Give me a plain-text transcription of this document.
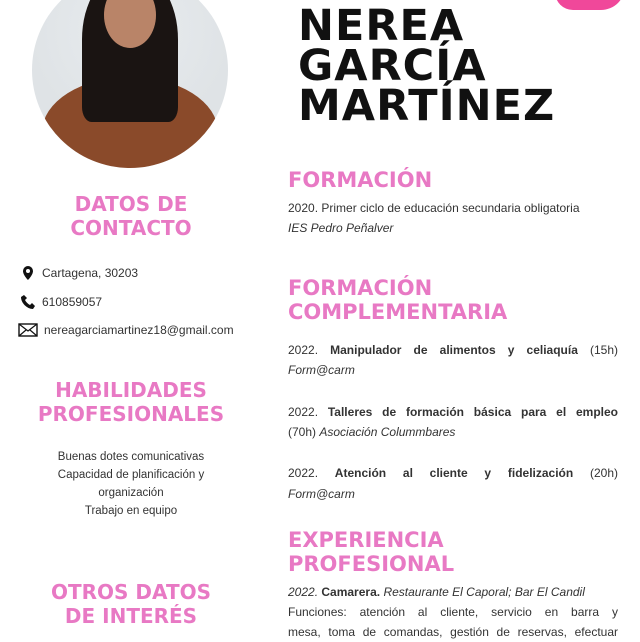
NEREA
GARCÍA
MARTÍNEZ
DATOS DE
CONTACTO
Cartagena, 30203
610859057
nereagarciamartinez18@gmail.com
HABILIDADES
PROFESIONALES
Buenas dotes comunicativas
Capacidad de planificación y
organización
Trabajo en equipo
OTROS DATOS
DE INTERÉS
FORMACIÓN
2020. Primer ciclo de educación secundaria obligatoria
IES Pedro Peñalver
FORMACIÓN
COMPLEMENTARIA
2022. Manipulador de alimentos y celiaquía (15h)
Form@carm
2022. Talleres de formación básica para el empleo
(70h) Asociación Colummbares
2022. Atención al cliente y fidelización (20h)
Form@carm
EXPERIENCIA
PROFESIONAL
2022. Camarera. Restaurante El Caporal; Bar El Candil
Funciones: atención al cliente, servicio en barra y
mesa, toma de comandas, gestión de reservas, efectuar
